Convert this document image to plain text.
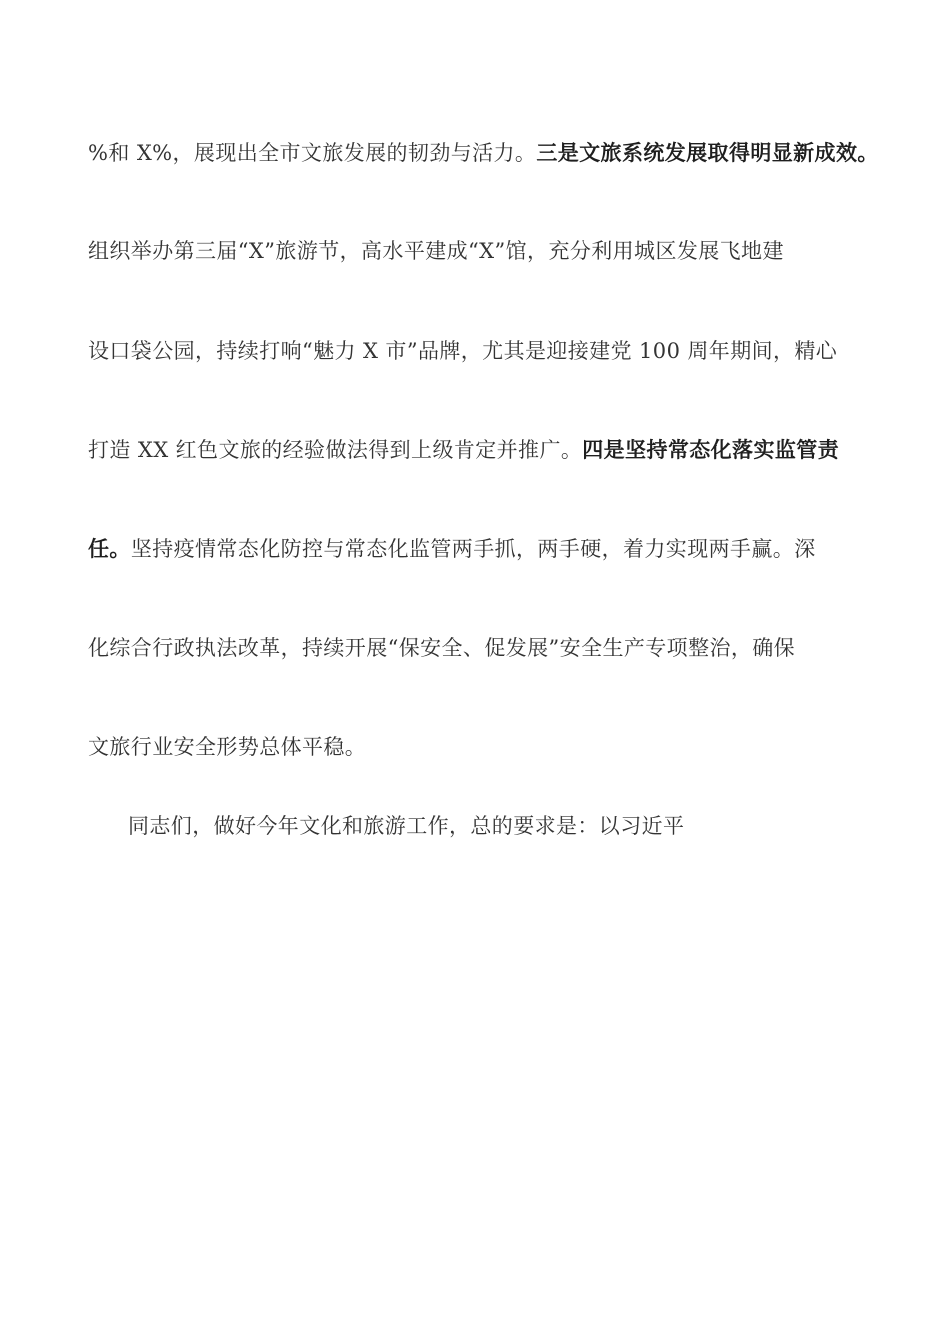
%和 X%，展现出全市文旅发展的韧劲与活力。三是文旅系统发展取得明显新成效。
组织举办第三届“X”旅游节，高水平建成“X”馆，充分利用城区发展飞地建
设口袋公园，持续打响“魅力 X 市”品牌，尤其是迎接建党 100 周年期间，精心
打造 XX 红色文旅的经验做法得到上级肯定并推广。四是坚持常态化落实监管责
任。坚持疫情常态化防控与常态化监管两手抓，两手硬，着力实现两手赢。深
化综合行政执法改革，持续开展“保安全、促发展”安全生产专项整治，确保
文旅行业安全形势总体平稳。
同志们，做好今年文化和旅游工作，总的要求是：以习近平
